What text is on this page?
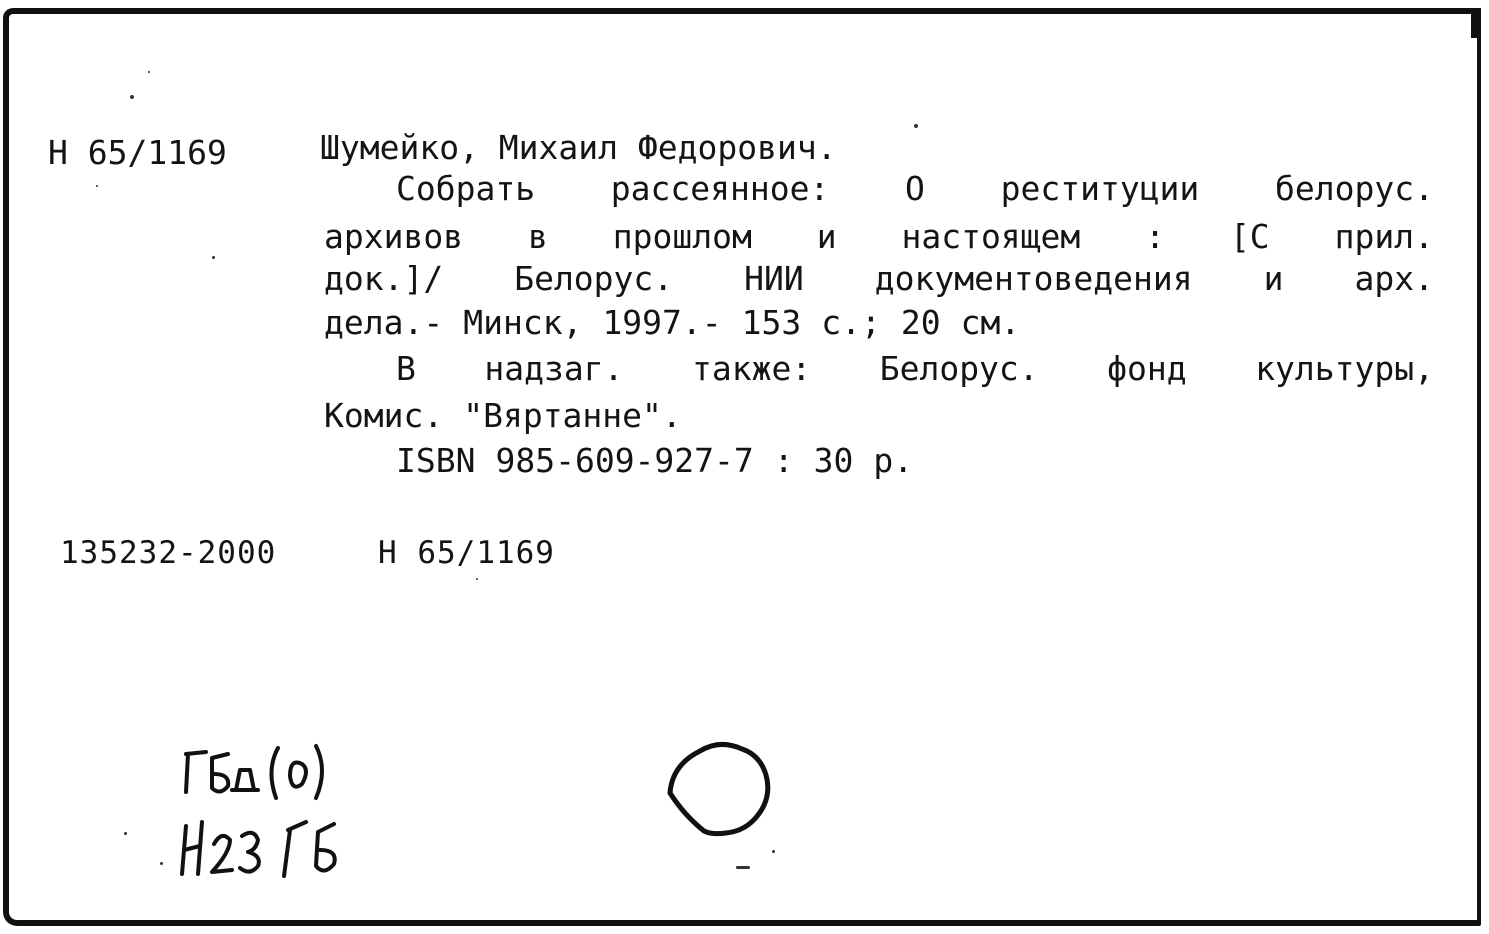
Н 65/1169	Шумейко, Михаил Федорович.
Собрать рассеянное: О реституции белорус.
архивов в прошлом и настоящем : [С прил.
док.]/ Белорус. НИИ документоведения и арх.
дела.- Минск, 1997.- 153 с.; 20 см.
В надзаг. также: Белорус. фонд культуры,
Комис. "Вяртанне".
ISBN 985-609-927-7 : 30 р.
135232-2000	Н 65/1169
